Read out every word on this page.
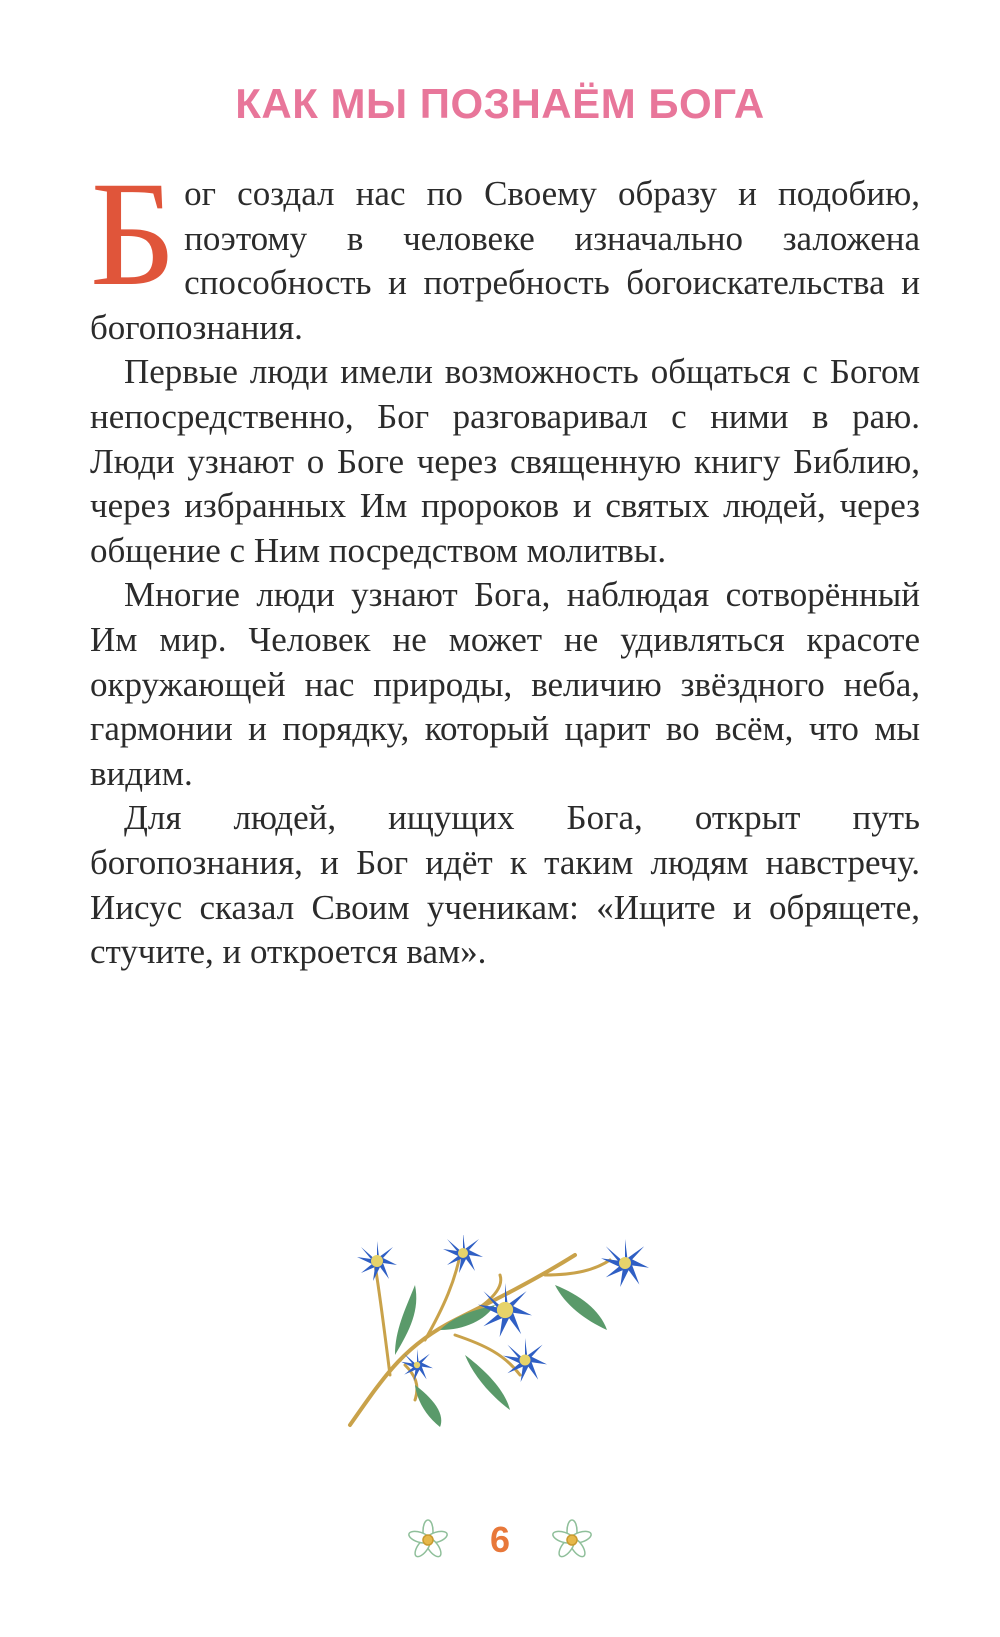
КАК МЫ ПОЗНАЁМ БОГА

Бог создал нас по Своему образу и подобию, поэтому в человеке изначально заложена способность и потребность богоискательства и богопознания.

Первые люди имели возможность общаться с Богом непосредственно, Бог разговаривал с ними в раю. Люди узнают о Боге через священную книгу Библию, через избранных Им пророков и святых людей, через общение с Ним посредством молитвы.

Многие люди узнают Бога, наблюдая сотворённый Им мир. Человек не может не удивляться красоте окружающей нас природы, величию звёздного неба, гармонии и порядку, который царит во всём, что мы видим.

Для людей, ищущих Бога, открыт путь богопознания, и Бог идёт к таким людям навстречу. Иисус сказал Своим ученикам: «Ищите и обрящете, стучите, и откроется вам».

6
